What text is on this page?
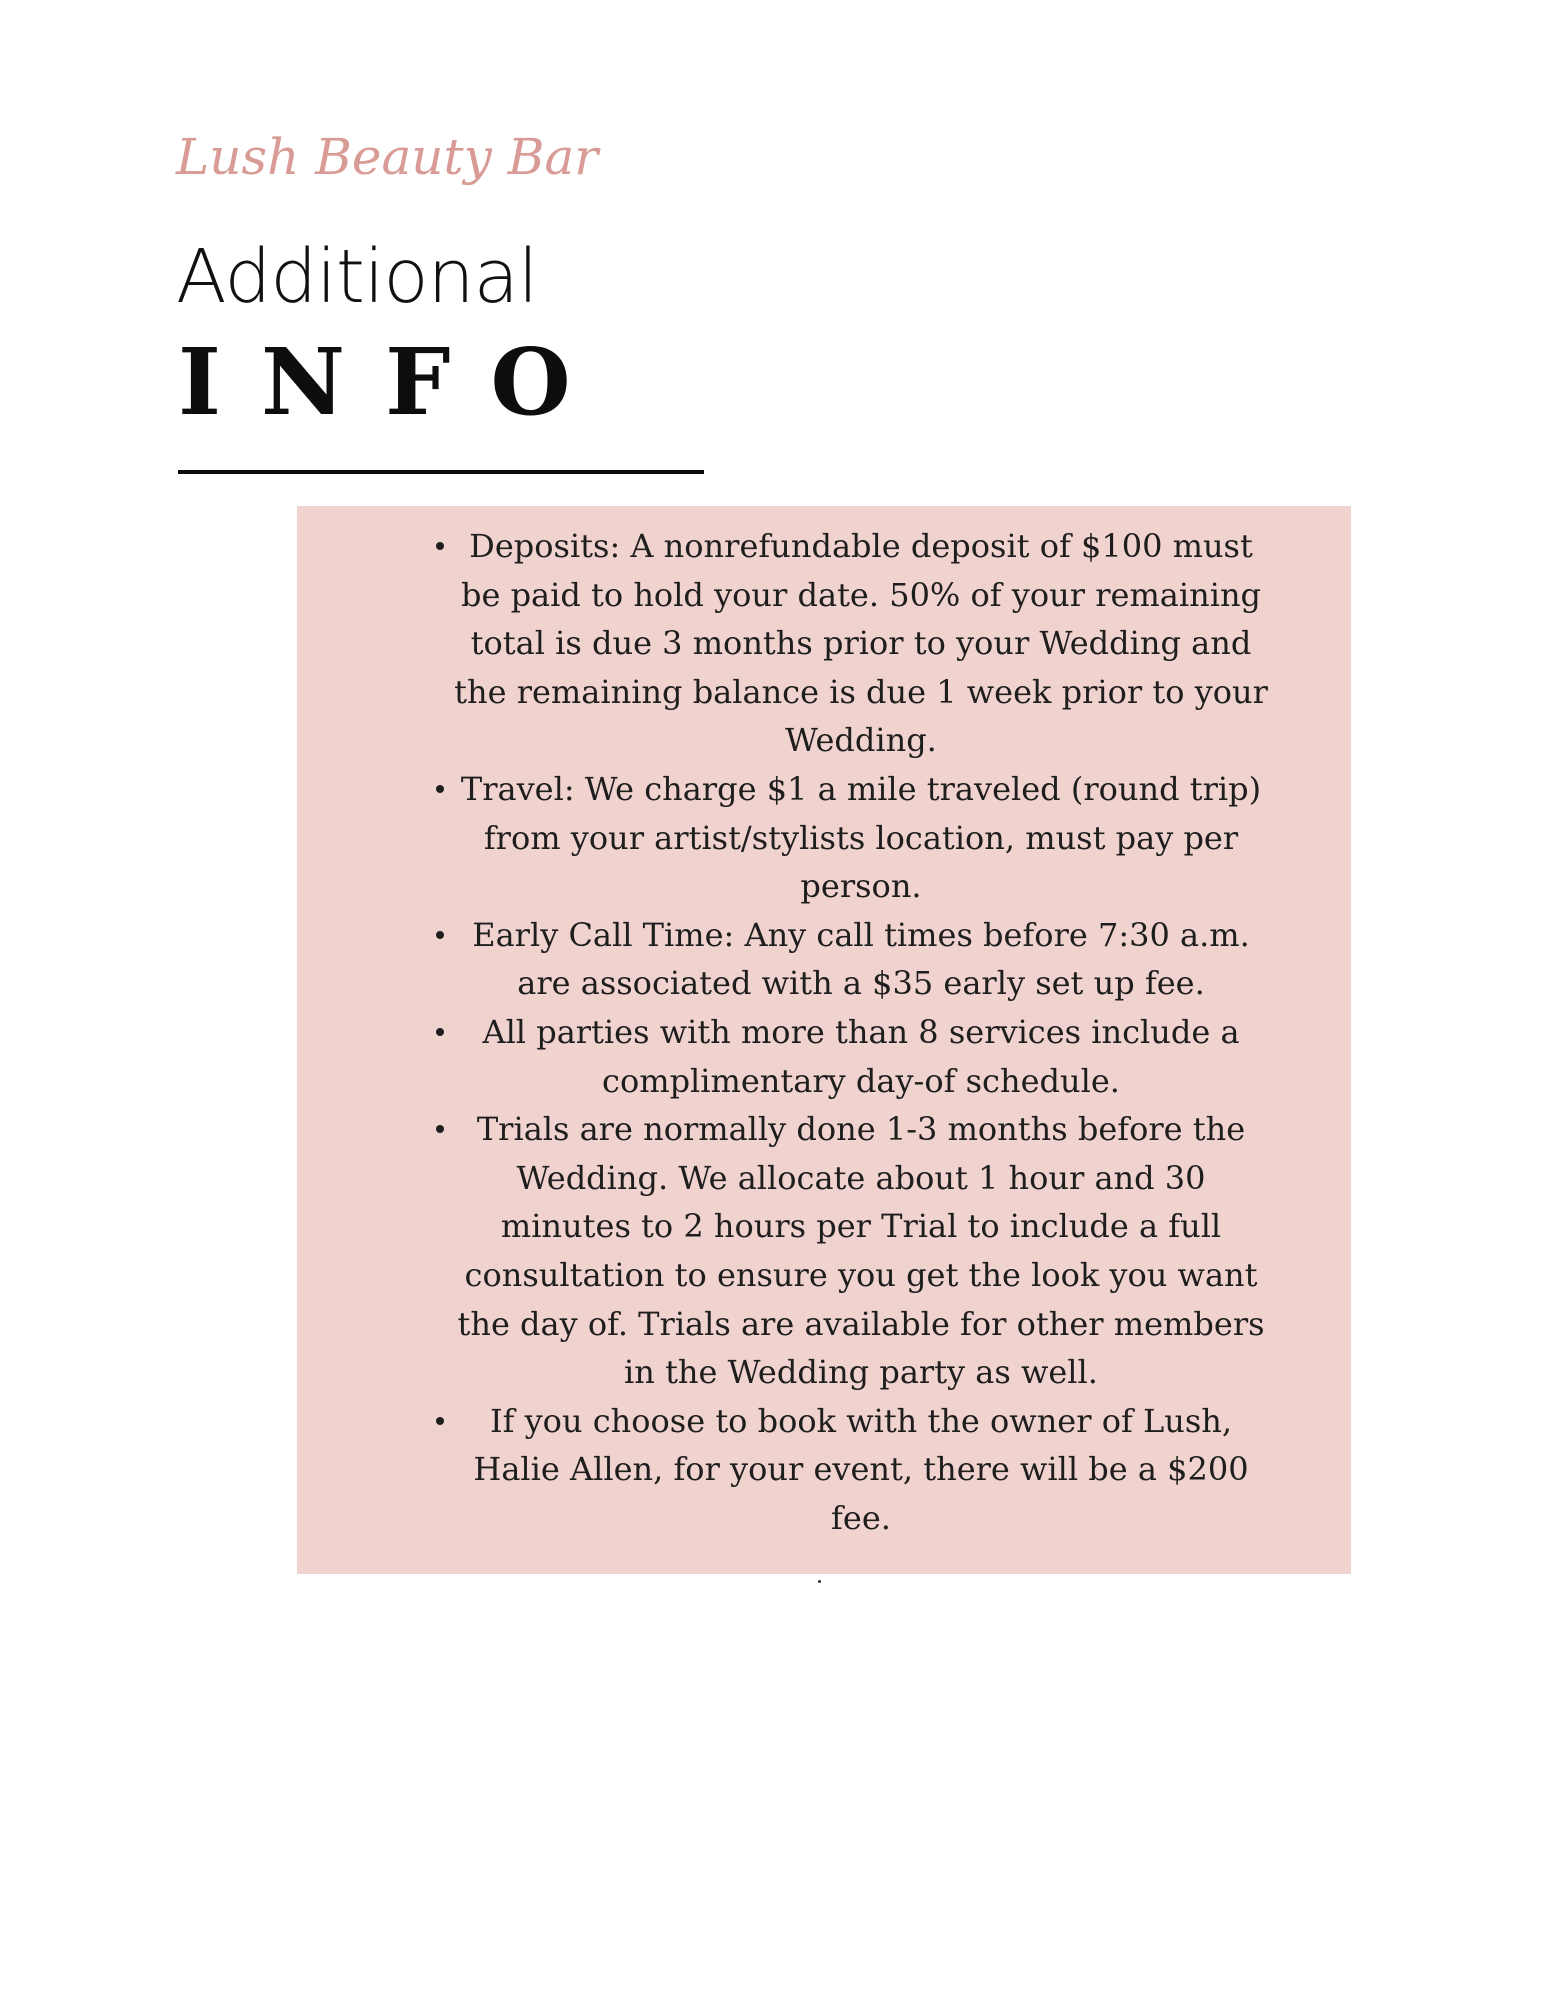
Lush Beauty Bar
Additional
INFO
Deposits: A nonrefundable deposit of $100 must be paid to hold your date. 50% of your remaining total is due 3 months prior to your Wedding and the remaining balance is due 1 week prior to your Wedding.
Travel: We charge $1 a mile traveled (round trip) from your artist/stylists location, must pay per person.
Early Call Time: Any call times before 7:30 a.m. are associated with a $35 early set up fee.
All parties with more than 8 services include a complimentary day-of schedule.
Trials are normally done 1-3 months before the Wedding. We allocate about 1 hour and 30 minutes to 2 hours per Trial to include a full consultation to ensure you get the look you want the day of. Trials are available for other members in the Wedding party as well.
If you choose to book with the owner of Lush, Halie Allen, for your event, there will be a $200 fee.
